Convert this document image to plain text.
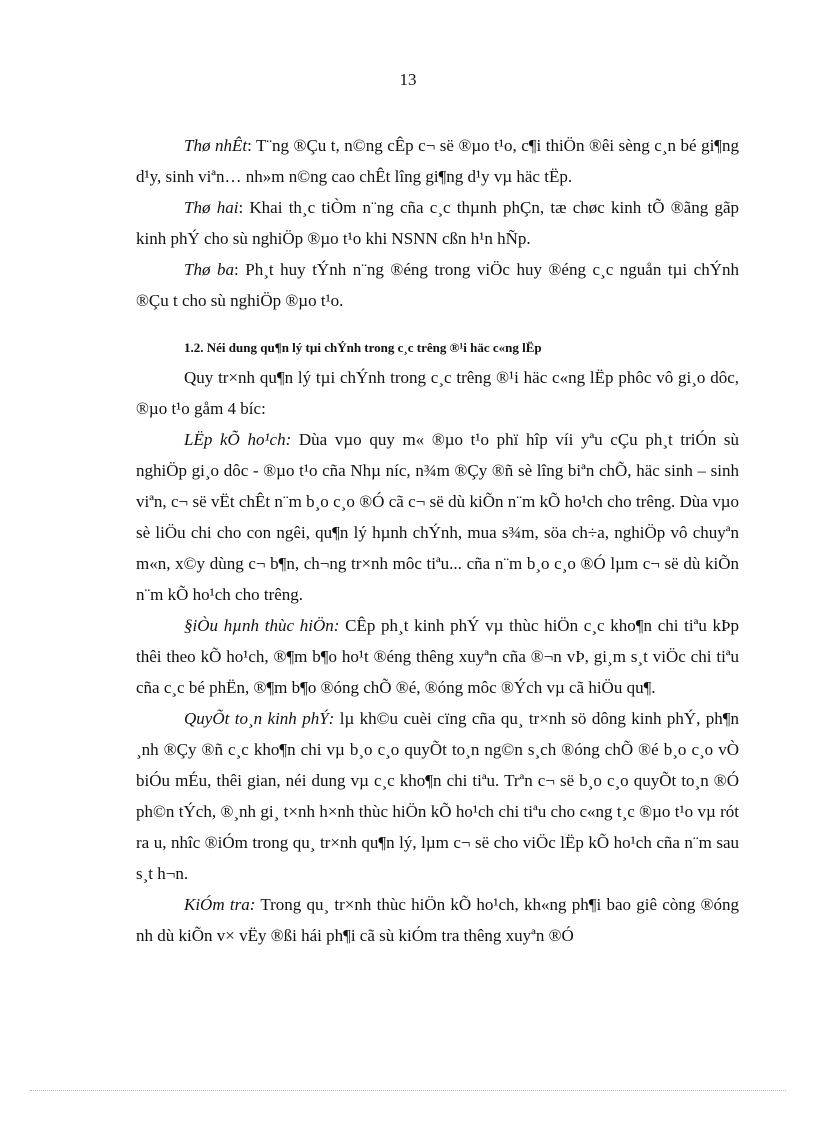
13

Thø nhÊt: T¨ng ®Çu t, n©ng cÊp c¬ së ®µo t¹o, c¶i thiÖn ®êi sèng c¸n bé gi¶ng d¹y, sinh viªn… nh»m n©ng cao chÊt lîng gi¶ng d¹y vµ häc tËp.

Thø hai: Khai th¸c tiÒm n¨ng cña c¸c thµnh phÇn, tæ chøc kinh tÕ ®ãng gãp kinh phÝ cho sù nghiÖp ®µo t¹o khi NSNN cßn h¹n hÑp.

Thø ba: Ph¸t huy tÝnh n¨ng ®éng trong viÖc huy ®éng c¸c nguån tµi chÝnh ®Çu t cho sù nghiÖp ®µo t¹o.

1.2. Néi dung qu¶n lý tµi chÝnh trong c¸c trêng ®¹i häc c«ng lËp

Quy tr×nh qu¶n lý tµi chÝnh trong c¸c trêng ®¹i häc c«ng lËp phôc vô gi¸o dôc, ®µo t¹o gåm 4 bíc:

LËp kÕ ho¹ch: Dùa vµo quy m« ®µo t¹o phï hîp víi yªu cÇu ph¸t triÓn sù nghiÖp gi¸o dôc - ®µo t¹o cña Nhµ níc, n¾m ®Çy ®ñ sè lîng biªn chÕ, häc sinh – sinh viªn, c¬ së vËt chÊt n¨m b¸o c¸o ®Ó cã c¬ së dù kiÕn n¨m kÕ ho¹ch cho trêng. Dùa vµo sè liÖu chi cho con ngêi, qu¶n lý hµnh chÝnh, mua s¾m, söa ch÷a, nghiÖp vô chuyªn m«n, x©y dùng c¬ b¶n, ch¬ng tr×nh môc tiªu... cña n¨m b¸o c¸o ®Ó lµm c¬ së dù kiÕn n¨m kÕ ho¹ch cho trêng.

§iÒu hµnh thùc hiÖn: CÊp ph¸t kinh phÝ vµ thùc hiÖn c¸c kho¶n chi tiªu kÞp thêi theo kÕ ho¹ch, ®¶m b¶o ho¹t ®éng thêng xuyªn cña ®¬n vÞ, gi¸m s¸t viÖc chi tiªu cña c¸c bé phËn, ®¶m b¶o ®óng chÕ ®é, ®óng môc ®Ých vµ cã hiÖu qu¶.

QuyÕt to¸n kinh phÝ: lµ kh©u cuèi cïng cña qu¸ tr×nh sö dông kinh phÝ, ph¶n ¸nh ®Çy ®ñ c¸c kho¶n chi vµ b¸o c¸o quyÕt to¸n ng©n s¸ch ®óng chÕ ®é b¸o c¸o vÒ biÓu mÉu, thêi gian, néi dung vµ c¸c kho¶n chi tiªu. Trªn c¬ së b¸o c¸o quyÕt to¸n ®Ó ph©n tÝch, ®¸nh gi¸ t×nh h×nh thùc hiÖn kÕ ho¹ch chi tiªu cho c«ng t¸c ®µo t¹o vµ rót ra u, nhîc ®iÓm trong qu¸ tr×nh qu¶n lý, lµm c¬ së cho viÖc lËp kÕ ho¹ch cña n¨m sau s¸t h¬n.

KiÓm tra: Trong qu¸ tr×nh thùc hiÖn kÕ ho¹ch, kh«ng ph¶i bao giê còng ®óng nh dù kiÕn v× vËy ®ßi hái ph¶i cã sù kiÓm tra thêng xuyªn ®Ó
